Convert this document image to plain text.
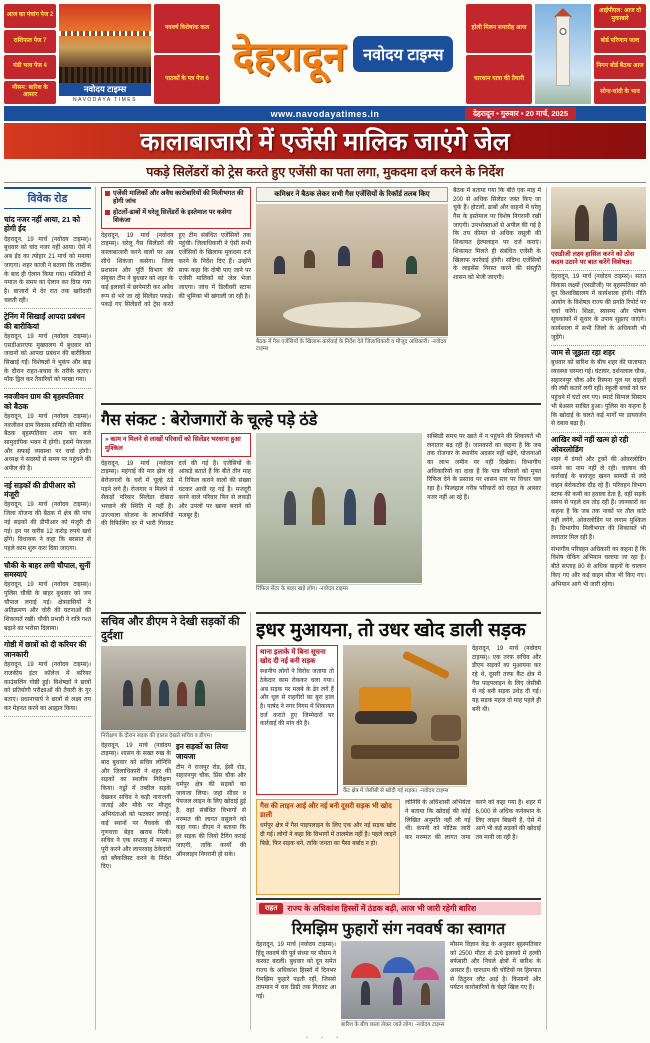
आज का पंचांग पेज 2
राशिफल पेज 7
मंडी भाव पेज 4
मौसम: बारिश के आसार
नवोदय टाइम्स
NAVODAYA TIMES
नववर्ष विशेषांक कल
पाठकों के पत्र पेज 6
देहरादून	नवोदय टाइम्स
होली मिलन समारोह आज
चारधाम यात्रा की तैयारी
आईपीएल: आज दो मुकाबले
बोर्ड परिणाम जल्द
निगम बोर्ड बैठक आज
सोना-चांदी के भाव
www.navodayatimes.in	देहरादून • गुरुवार • 20 मार्च, 2025
कालाबाजारी में एजेंसी मालिक जाएंगे जेल
पकड़े सिलेंडरों को ट्रेस करते हुए एजेंसी का पता लगा, मुकदमा दर्ज करने के निर्देश
विवेक रोड
चांद नजर नहीं आया, 21 को होगी ईद
देहरादून, 19 मार्च (नवोदय टाइम्स)। बुधवार को चांद नजर नहीं आया। ऐसे में अब ईद का त्योहार 21 मार्च को मनाया जाएगा। शहर काजी ने बताया कि तस्दीक के बाद ही ऐलान किया गया। मस्जिदों में नमाज के समय का ऐलान कर दिया गया है। बाजारों में देर रात तक खरीदारी चलती रही।
ट्रेनिंग में सिखाईं आपदा प्रबंधन की बारीकियां
देहरादून, 19 मार्च (नवोदय टाइम्स)। एसडीआरएफ मुख्यालय में बुधवार को जवानों को आपदा प्रबंधन की बारीकियां सिखाई गईं। विशेषज्ञों ने भूकंप और बाढ़ के दौरान राहत-बचाव के तरीके बताए। मॉक ड्रिल कर तैयारियों को परखा गया।
नवजीवन ग्राम की बृहस्पतिवार को बैठक
देहरादून, 19 मार्च (नवोदय टाइम्स)। नवजीवन ग्राम विकास समिति की मासिक बैठक बृहस्पतिवार शाम चार बजे सामुदायिक भवन में होगी। इसमें पेयजल और सफाई व्यवस्था पर चर्चा होगी। अध्यक्ष ने सदस्यों से समय पर पहुंचने की अपील की है।
नई सड़कों की डीपीआर को मंजूरी
देहरादून, 19 मार्च (नवोदय टाइम्स)। जिला योजना की बैठक में क्षेत्र की पांच नई सड़कों की डीपीआर को मंजूरी दी गई। इन पर करीब 12 करोड़ रुपये खर्च होंगे। विधायक ने कहा कि बरसात से पहले काम शुरू करा दिया जाएगा।
चौकी के बाहर लगी चौपाल, सुनीं समस्याएं
देहरादून, 19 मार्च (नवोदय टाइम्स)। पुलिस चौकी के बाहर बुधवार को जन चौपाल लगाई गई। क्षेत्रवासियों ने अतिक्रमण और चोरी की घटनाओं की शिकायतें रखीं। चौकी प्रभारी ने रात्रि गश्त बढ़ाने का भरोसा दिलाया।
गोष्ठी में छात्रों को दी करियर की जानकारी
देहरादून, 19 मार्च (नवोदय टाइम्स)। राजकीय इंटर कॉलेज में करियर काउंसलिंग गोष्ठी हुई। विशेषज्ञों ने छात्रों को प्रतियोगी परीक्षाओं की तैयारी के गुर बताए। प्रधानाचार्य ने छात्रों से लक्ष्य तय कर मेहनत करने का आह्वान किया।
एजेंसी मालिकों और अवैध कारोबारियों की मिलीभगत की होगी जांच
होटलों-ढाबों में घरेलू सिलेंडरों के इस्तेमाल पर कसेगा शिकंजा
देहरादून, 19 मार्च (नवोदय टाइम्स)। घरेलू गैस सिलेंडरों की कालाबाजारी करने वालों पर अब सीधे शिकंजा कसेगा। जिला प्रशासन और पूर्ति विभाग की संयुक्त टीम ने बुधवार को शहर के कई इलाकों में छापेमारी कर अवैध रूप से भरे जा रहे सिलेंडर पकड़े। पकड़े गए सिलेंडरों को ट्रेस करते हुए टीम संबंधित एजेंसियों तक पहुंची। जिलाधिकारी ने ऐसी सभी एजेंसियों के खिलाफ मुकदमा दर्ज करने के निर्देश दिए हैं। उन्होंने साफ कहा कि दोषी पाए जाने पर एजेंसी मालिकों को जेल भेजा जाएगा। जांच में डिलीवरी स्टाफ की भूमिका भी खंगाली जा रही है।
कमिश्नर ने बैठक लेकर सभी गैस एजेंसियों के रिकॉर्ड तलब किए
बैठक में गैस एजेंसियों के खिलाफ कार्रवाई के निर्देश देते जिलाधिकारी व मौजूद अधिकारी। -नवोदय टाइम्स
बैठक में बताया गया कि बीते एक माह में 200 से अधिक सिलेंडर जब्त किए जा चुके हैं। होटलों, ढाबों और वाहनों में घरेलू गैस के इस्तेमाल पर विशेष निगरानी रखी जाएगी। उपभोक्ताओं से अपील की गई है कि तय कीमत से अधिक वसूली की शिकायत हेल्पलाइन पर दर्ज कराएं। शिकायत मिलते ही संबंधित एजेंसी के खिलाफ कार्रवाई होगी। संदिग्ध एजेंसियों के लाइसेंस निरस्त करने की संस्तुति शासन को भेजी जाएगी।
गैस संकट : बेरोजगारों के चूल्हे पड़े ठंडे
» काम न मिलने से लाखों परिवारों को सिलेंडर भरवाना हुआ मुश्किल
देहरादून, 19 मार्च (नवोदय टाइम्स)। महंगाई की मार झेल रहे बेरोजगारों के घरों में चूल्हे ठंडे पड़ने लगे हैं। रोजगार न मिलने से सैकड़ों परिवार सिलेंडर दोबारा भरवाने की स्थिति में नहीं हैं। उज्ज्वला योजना के लाभार्थियों की रिफिलिंग दर में भारी गिरावट दर्ज की गई है। एजेंसियों के आंकड़े बताते हैं कि बीते तीन माह में रिफिल कराने वालों की संख्या घटकर आधी रह गई है। मजदूरी करने वाले परिवार फिर से लकड़ी और उपलों पर खाना बनाने को मजबूर हैं।
रिफिल सेंटर के बाहर खड़े लोग। -नवोदय टाइम्स
सब्सिडी समय पर खाते में न पहुंचने की शिकायतें भी लगातार बढ़ रही हैं। जानकारों का कहना है कि जब तक रोजगार के स्थानीय अवसर नहीं बढ़ेंगे, योजनाओं का लाभ जमीन पर नहीं दिखेगा। विभागीय अधिकारियों का दावा है कि पात्र परिवारों को मुफ्त रिफिल देने के प्रस्ताव पर शासन स्तर पर विचार चल रहा है। फिलहाल गरीब परिवारों को राहत के आसार नजर नहीं आ रहे हैं।
सचिव और डीएम ने देखी सड़कों की दुर्दशा
निरीक्षण के दौरान सड़क की हालत देखते सचिव व डीएम।

देहरादून, 19 मार्च (नवोदय टाइम्स)। शासन के सख्त रुख के बाद बुधवार को सचिव लोनिवि और जिलाधिकारी ने शहर की सड़कों का स्थलीय निरीक्षण किया। गड्ढों में तब्दील सड़कें देखकर सचिव ने कड़ी नाराजगी जताई और मौके पर मौजूद अभियंताओं को फटकार लगाई। कई स्थानों पर पैचवर्क की गुणवत्ता बेहद खराब मिली। सचिव ने एक सप्ताह में मरम्मत पूरी करने और लापरवाह ठेकेदारों को ब्लैकलिस्ट करने के निर्देश दिए।

इन सड़कों का लिया जायजा

टीम ने राजपुर रोड, ईसी रोड, सहारनपुर चौक, प्रिंस चौक और धर्मपुर क्षेत्र की सड़कों का जायजा लिया। जहां सीवर व पेयजल लाइन के लिए खोदाई हुई है, वहां संबंधित विभागों से मरम्मत की लागत वसूलने को कहा गया। डीएम ने बताया कि हर सड़क की जियो टैगिंग कराई जाएगी, ताकि कार्यों की ऑनलाइन निगरानी हो सके।

इधर मुआयना, तो उधर खोद डाली सड़क
थाना इलाके में बिना सूचना खोद दी नई बनी सड़क
स्थानीय लोगों ने विरोध जताया तो ठेकेदार काम रोककर चला गया। अब सड़क पर मलबे के ढेर लगे हैं और धूल से राहगीरों का बुरा हाल है। पार्षद ने नगर निगम में शिकायत दर्ज कराते हुए जिम्मेदारों पर कार्रवाई की मांग की है।
कैंट क्षेत्र में जेसीबी से खोदी गई सड़क। -नवोदय टाइम्स
देहरादून, 19 मार्च (नवोदय टाइम्स)। एक तरफ सचिव और डीएम सड़कों का मुआयना कर रहे थे, दूसरी तरफ कैंट क्षेत्र में गैस पाइपलाइन के लिए जेसीबी से नई बनी सड़क उधेड़ दी गई। यह सड़क महज दो माह पहले ही बनी थी।
गैस की लाइन आई और नई बनी दूसरी सड़क भी खोद डाली
धर्मपुर क्षेत्र में गैस पाइपलाइन के लिए एक और नई सड़क खोद दी गई। लोगों ने कहा कि विभागों में तालमेल नहीं है। पहले लाइनें बिछें, फिर सड़क बने, ताकि जनता का पैसा बर्बाद न हो।
लोनिवि के अधिशासी अभियंता ने बताया कि खोदाई की कोई लिखित अनुमति नहीं ली गई थी। कंपनी को नोटिस जारी कर मरम्मत की लागत जमा करने को कहा गया है। शहर में 6,000 से अधिक कनेक्शन के लिए लाइन बिछनी है, ऐसे में आगे भी कई सड़कों की खोदाई तय मानी जा रही है।
राहत	राज्य के अधिकांश हिस्सों में ठंडक बढ़ी, आज भी जारी रहेगी बारिश
रिमझिम फुहारों संग नववर्ष का स्वागत
देहरादून, 19 मार्च (नवोदय टाइम्स)। हिंदू नववर्ष की पूर्व संध्या पर मौसम ने करवट बदली। बुधवार को दून समेत राज्य के अधिकांश हिस्सों में दिनभर रिमझिम फुहारें पड़ती रहीं, जिससे तापमान में चार डिग्री तक गिरावट आ गई।
बारिश के बीच छाता लेकर जाते लोग। -नवोदय टाइम्स
मौसम विज्ञान केंद्र के अनुसार बृहस्पतिवार को 2500 मीटर से ऊंचे इलाकों में हल्की बर्फबारी और निचले क्षेत्रों में बारिश के आसार हैं। चारधाम की चोटियों पर हिमपात से ठिठुरन लौट आई है। किसानों और पर्यटन कारोबारियों के चेहरे खिल गए हैं।
एसडीजी लक्ष्य हासिल करने को ठोस कदम उठाने पर बात करेंगे विशेषज्ञ।
देहरादून, 19 मार्च (नवोदय टाइम्स)। सतत विकास लक्ष्यों (एसडीजी) पर बृहस्पतिवार को दून विश्वविद्यालय में कार्यशाला होगी। नीति आयोग के विशेषज्ञ राज्य की प्रगति रिपोर्ट पर चर्चा करेंगे। शिक्षा, स्वास्थ्य और पोषण सूचकांकों में सुधार के उपाय सुझाए जाएंगे। कार्यशाला में सभी जिलों के अधिकारी भी जुड़ेंगे।
जाम से जूझता रहा शहर
बुधवार को बारिश के बीच शहर की यातायात व्यवस्था चरमरा गई। घंटाघर, दर्शनलाल चौक, सहारनपुर चौक और रिस्पना पुल पर वाहनों की लंबी कतारें लगी रहीं। स्कूली बच्चों को घर पहुंचने में घंटों लग गए। स्मार्ट सिग्नल सिस्टम भी बेअसर साबित हुआ। पुलिस का कहना है कि खोदाई के चलते कई मार्गों पर डायवर्जन से दबाव बढ़ा है।
आखिर क्यों नहीं खत्म हो रही ओवरलोडिंग
शहर में डंपरों और ट्रकों की ओवरलोडिंग थमने का नाम नहीं ले रही। चालान की कार्रवाई के बावजूद खनन सामग्री से लदे वाहन बेरोकटोक दौड़ रहे हैं। परिवहन विभाग स्टाफ की कमी का हवाला देता है, वहीं सड़कें समय से पहले दम तोड़ रही हैं। जानकारों का कहना है कि जब तक नाकों पर तौल कांटे नहीं लगेंगे, ओवरलोडिंग पर लगाम मुश्किल है। विभागीय मिलीभगत की शिकायतें भी लगातार मिल रही हैं।
संभागीय परिवहन अधिकारी का कहना है कि विशेष चेकिंग अभियान चलाया जा रहा है। बीते सप्ताह 80 से अधिक वाहनों के चालान किए गए और कई वाहन सीज भी किए गए। अभियान आगे भी जारी रहेगा।
• • •
